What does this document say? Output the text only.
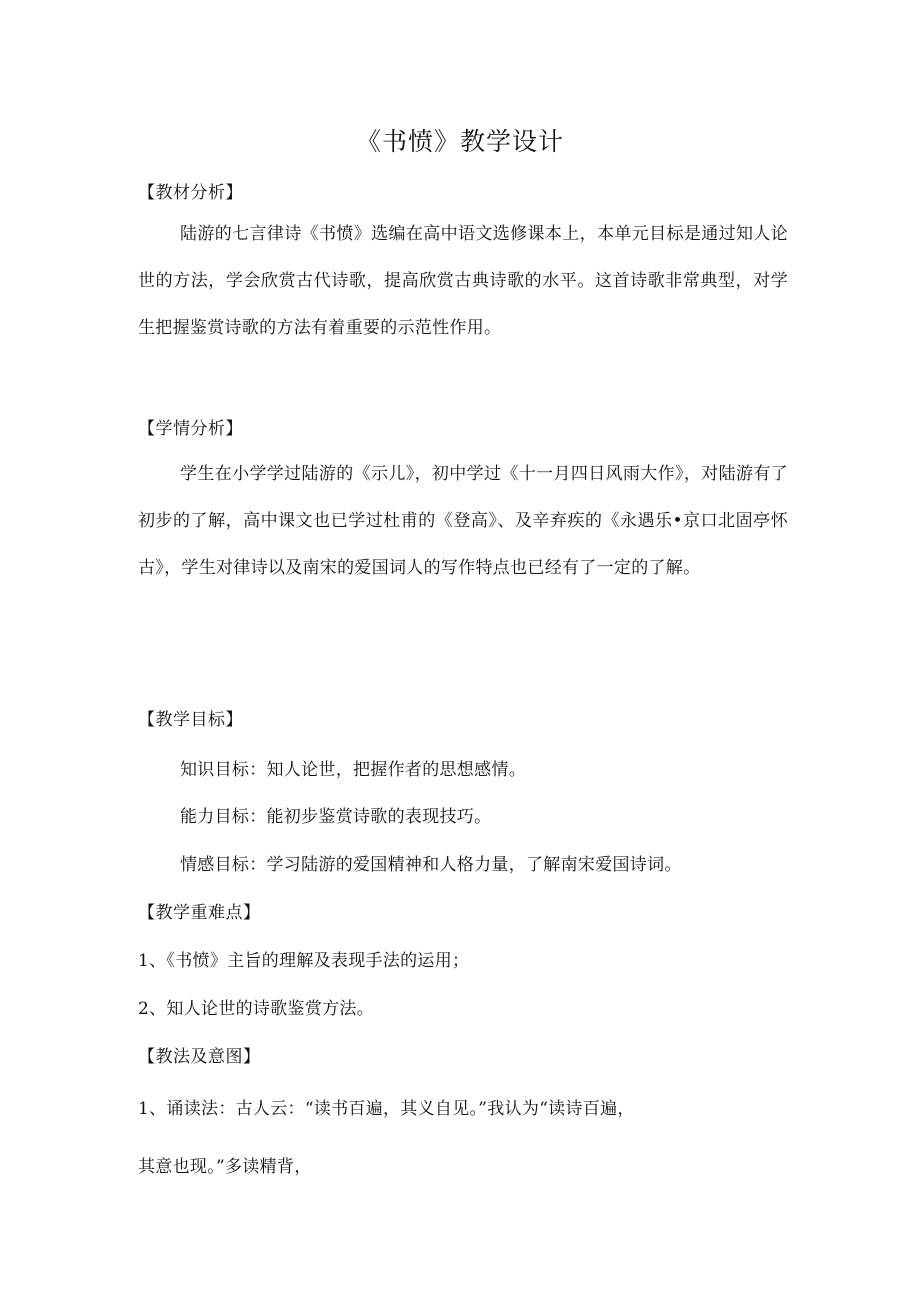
《书愤》教学设计
【教材分析】
陆游的七言律诗《书愤》选编在高中语文选修课本上，本单元目标是通过知人论世的方法，学会欣赏古代诗歌，提高欣赏古典诗歌的水平。这首诗歌非常典型，对学生把握鉴赏诗歌的方法有着重要的示范性作用。
【学情分析】
学生在小学学过陆游的《示儿》，初中学过《十一月四日风雨大作》，对陆游有了初步的了解，高中课文也已学过杜甫的《登高》、及辛弃疾的《永遇乐•京口北固亭怀古》，学生对律诗以及南宋的爱国词人的写作特点也已经有了一定的了解。
【教学目标】
知识目标：知人论世，把握作者的思想感情。
能力目标：能初步鉴赏诗歌的表现技巧。
情感目标：学习陆游的爱国精神和人格力量，了解南宋爱国诗词。
【教学重难点】
1、《书愤》主旨的理解及表现手法的运用；
2、知人论世的诗歌鉴赏方法。
【教法及意图】
1、诵读法：古人云：“读书百遍，其义自见。”我认为“读诗百遍，
其意也现。”多读精背，
